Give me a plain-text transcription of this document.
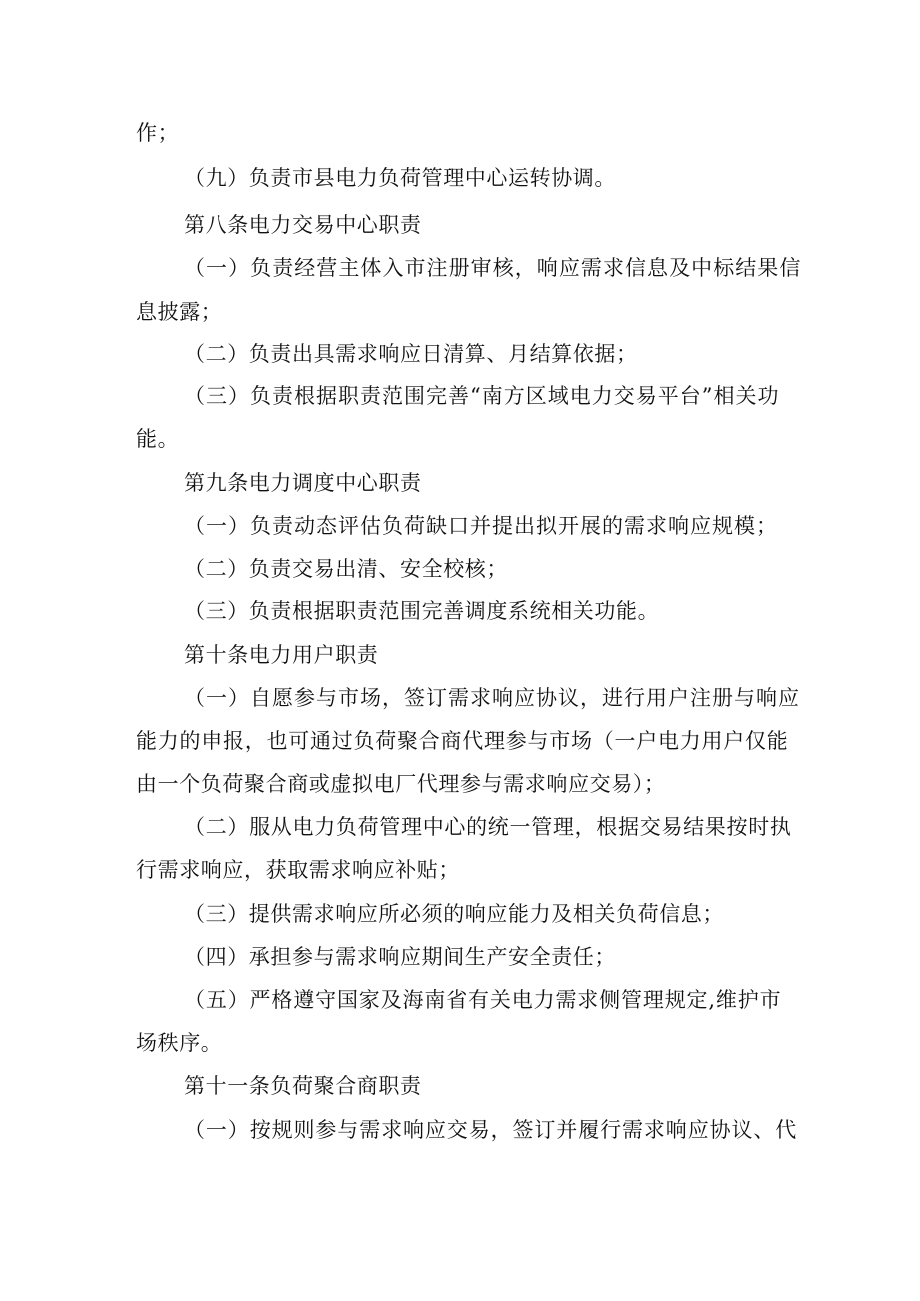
作；
（九）负责市县电力负荷管理中心运转协调。
第八条电力交易中心职责
（一）负责经营主体入市注册审核，响应需求信息及中标结果信
息披露；
（二）负责出具需求响应日清算、月结算依据；
（三）负责根据职责范围完善“南方区域电力交易平台”相关功
能。
第九条电力调度中心职责
（一）负责动态评估负荷缺口并提出拟开展的需求响应规模；
（二）负责交易出清、安全校核；
（三）负责根据职责范围完善调度系统相关功能。
第十条电力用户职责
（一）自愿参与市场，签订需求响应协议，进行用户注册与响应
能力的申报，也可通过负荷聚合商代理参与市场（一户电力用户仅能
由一个负荷聚合商或虚拟电厂代理参与需求响应交易）；
（二）服从电力负荷管理中心的统一管理，根据交易结果按时执
行需求响应，获取需求响应补贴；
（三）提供需求响应所必须的响应能力及相关负荷信息；
（四）承担参与需求响应期间生产安全责任；
（五）严格遵守国家及海南省有关电力需求侧管理规定,维护市
场秩序。
第十一条负荷聚合商职责
（一）按规则参与需求响应交易，签订并履行需求响应协议、代
